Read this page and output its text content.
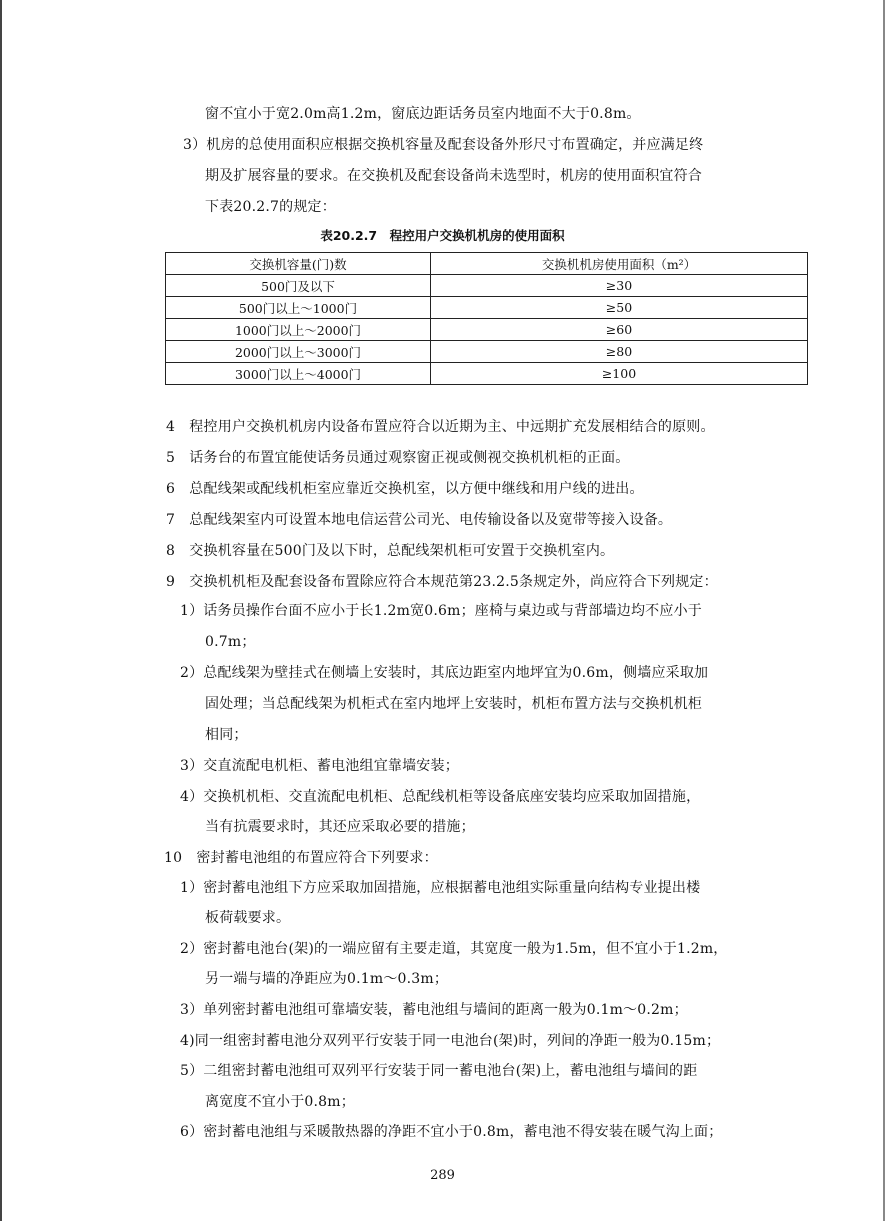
窗不宜小于宽2.0m高1.2m，窗底边距话务员室内地面不大于0.8m。
3）机房的总使用面积应根据交换机容量及配套设备外形尺寸布置确定，并应满足终
期及扩展容量的要求。在交换机及配套设备尚未选型时，机房的使用面积宜符合
下表20.2.7的规定：
表20.2.7　程控用户交换机机房的使用面积
交换机容量(门)数	交换机机房使用面积（m²）
500门及以下	≥30
500门以上～1000门	≥50
1000门以上～2000门	≥60
2000门以上～3000门	≥80
3000门以上～4000门	≥100
4　程控用户交换机机房内设备布置应符合以近期为主、中远期扩充发展相结合的原则。
5　话务台的布置宜能使话务员通过观察窗正视或侧视交换机机柜的正面。
6　总配线架或配线机柜室应靠近交换机室，以方便中继线和用户线的进出。
7　总配线架室内可设置本地电信运营公司光、电传输设备以及宽带等接入设备。
8　交换机容量在500门及以下时，总配线架机柜可安置于交换机室内。
9　交换机机柜及配套设备布置除应符合本规范第23.2.5条规定外，尚应符合下列规定：
1）话务员操作台面不应小于长1.2m宽0.6m；座椅与桌边或与背部墙边均不应小于
0.7m；
2）总配线架为壁挂式在侧墙上安装时，其底边距室内地坪宜为0.6m，侧墙应采取加
固处理；当总配线架为机柜式在室内地坪上安装时，机柜布置方法与交换机机柜
相同；
3）交直流配电机柜、蓄电池组宜靠墙安装；
4）交换机机柜、交直流配电机柜、总配线机柜等设备底座安装均应采取加固措施，
当有抗震要求时，其还应采取必要的措施；
10　密封蓄电池组的布置应符合下列要求：
1）密封蓄电池组下方应采取加固措施，应根据蓄电池组实际重量向结构专业提出楼
板荷载要求。
2）密封蓄电池台(架)的一端应留有主要走道，其宽度一般为1.5m，但不宜小于1.2m，
另一端与墙的净距应为0.1m～0.3m；
3）单列密封蓄电池组可靠墙安装，蓄电池组与墙间的距离一般为0.1m～0.2m；
4)同一组密封蓄电池分双列平行安装于同一电池台(架)时，列间的净距一般为0.15m；
5）二组密封蓄电池组可双列平行安装于同一蓄电池台(架)上，蓄电池组与墙间的距
离宽度不宜小于0.8m；
6）密封蓄电池组与采暖散热器的净距不宜小于0.8m，蓄电池不得安装在暖气沟上面；
289
